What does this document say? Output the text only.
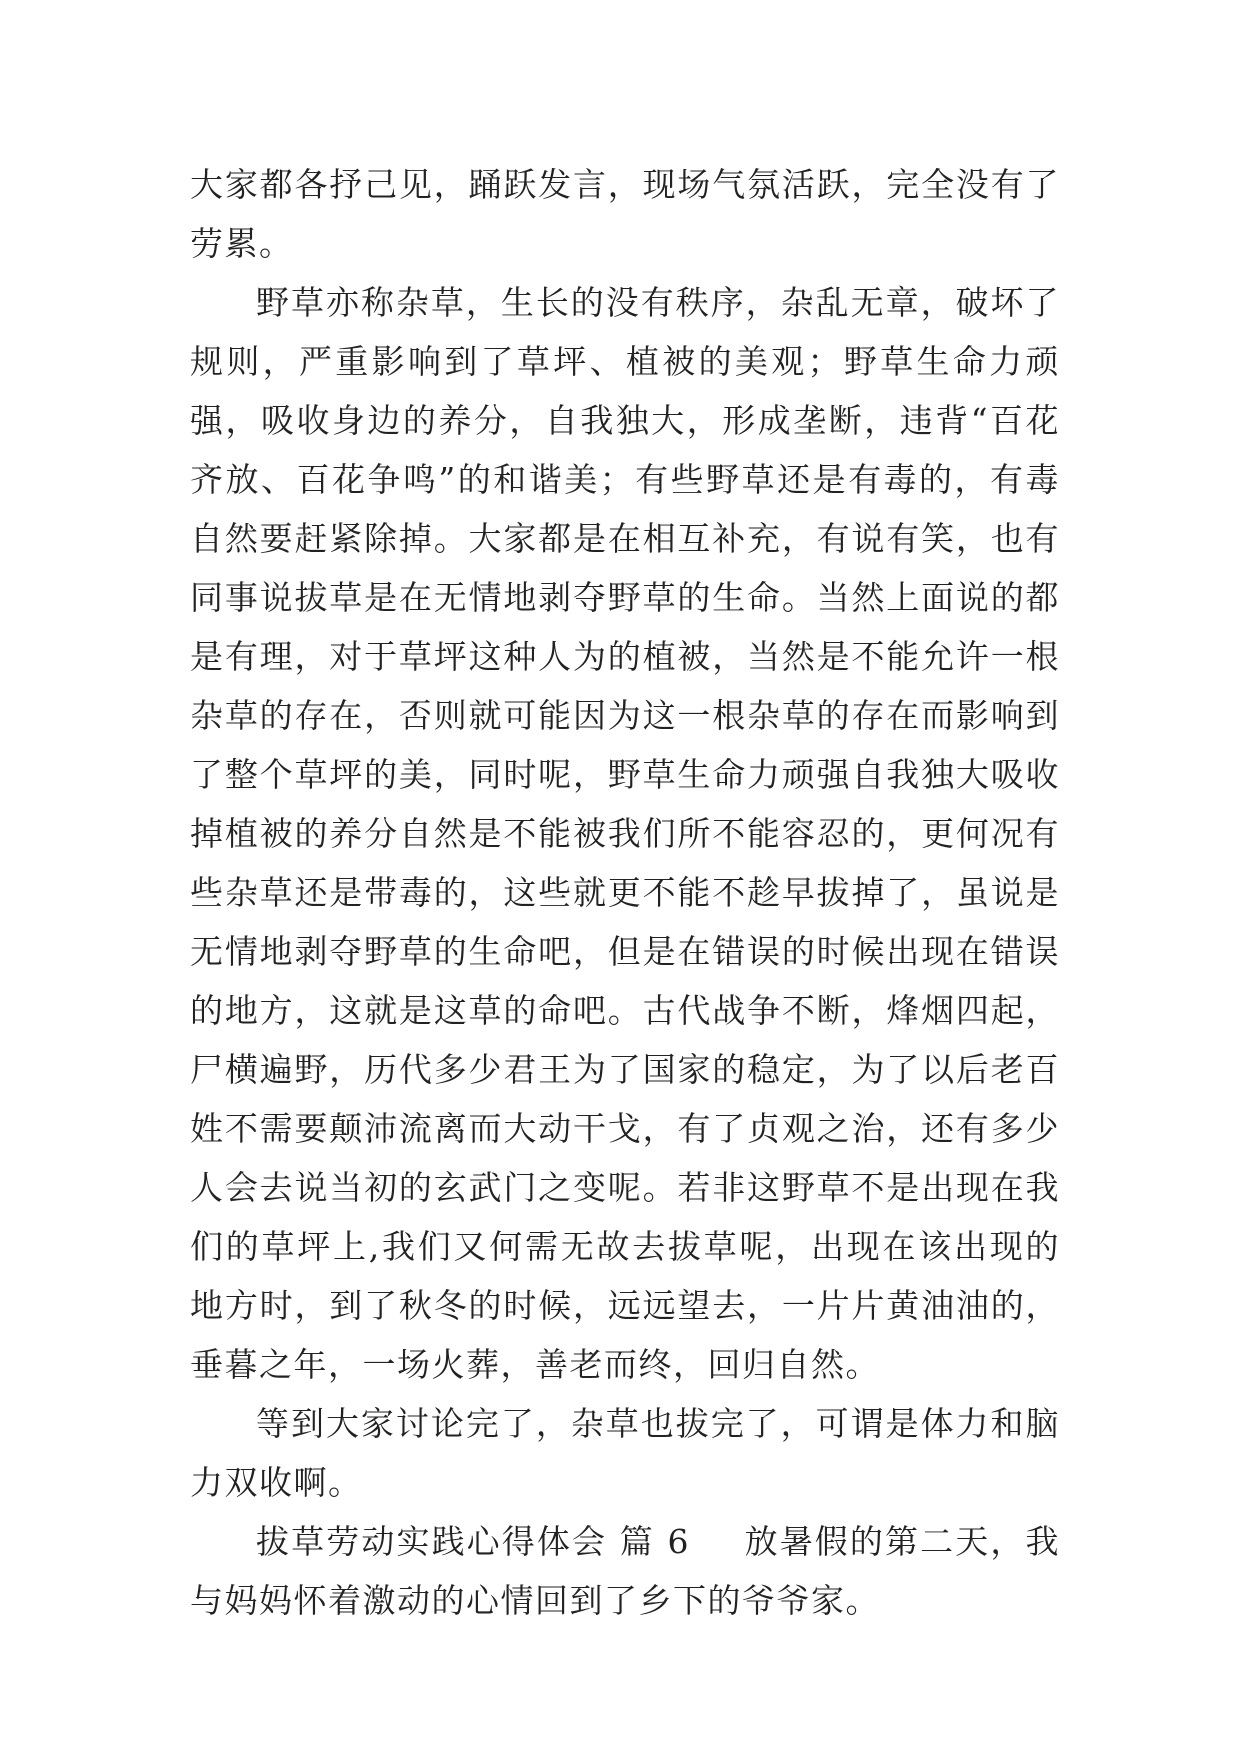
大家都各抒己见，踊跃发言，现场气氛活跃，完全没有了劳累。

野草亦称杂草，生长的没有秩序，杂乱无章，破坏了规则，严重影响到了草坪、植被的美观；野草生命力顽强，吸收身边的养分，自我独大，形成垄断，违背“百花齐放、百花争鸣”的和谐美；有些野草还是有毒的，有毒自然要赶紧除掉。大家都是在相互补充，有说有笑，也有同事说拔草是在无情地剥夺野草的生命。当然上面说的都是有理，对于草坪这种人为的植被，当然是不能允许一根杂草的存在，否则就可能因为这一根杂草的存在而影响到了整个草坪的美，同时呢，野草生命力顽强自我独大吸收掉植被的养分自然是不能被我们所不能容忍的，更何况有些杂草还是带毒的，这些就更不能不趁早拔掉了，虽说是无情地剥夺野草的生命吧，但是在错误的时候出现在错误的地方，这就是这草的命吧。古代战争不断，烽烟四起，尸横遍野，历代多少君王为了国家的稳定，为了以后老百姓不需要颠沛流离而大动干戈，有了贞观之治，还有多少人会去说当初的玄武门之变呢。若非这野草不是出现在我们的草坪上,我们又何需无故去拔草呢，出现在该出现的地方时，到了秋冬的时候，远远望去，一片片黄油油的，垂暮之年，一场火葬，善老而终，回归自然。

等到大家讨论完了，杂草也拔完了，可谓是体力和脑力双收啊。

拔草劳动实践心得体会 篇 6 放暑假的第二天，我与妈妈怀着激动的心情回到了乡下的爷爷家。
